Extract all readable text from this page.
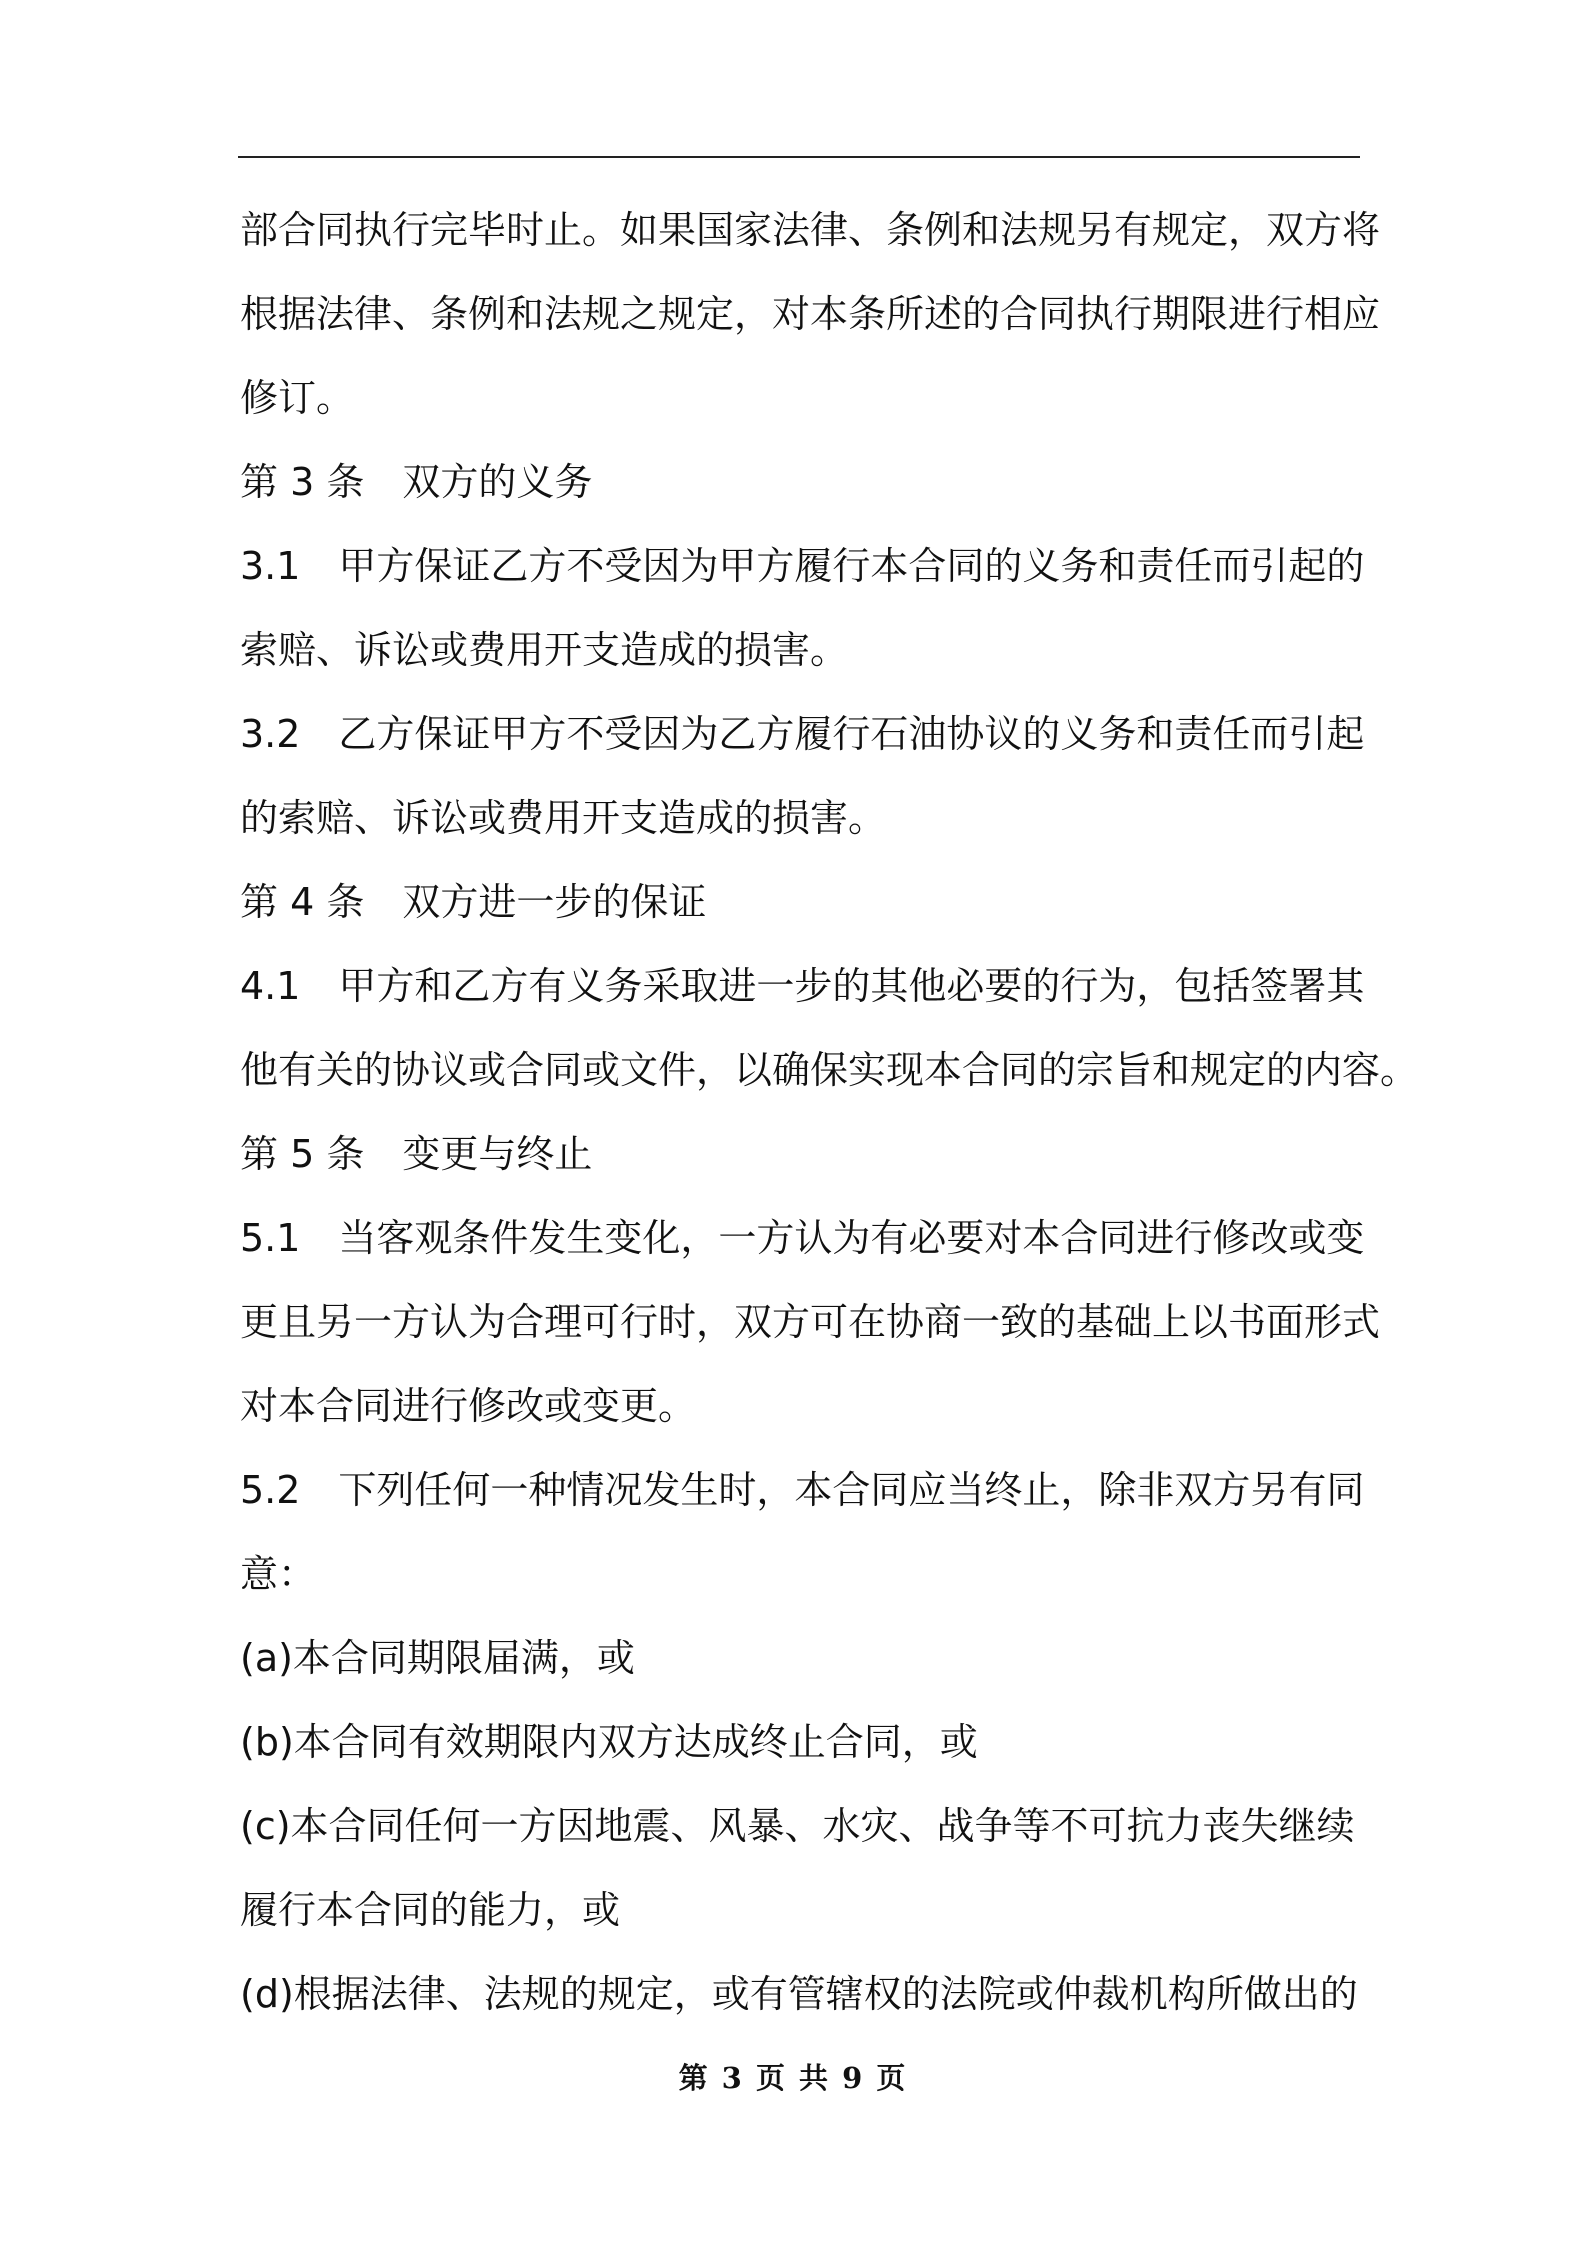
部合同执行完毕时止。如果国家法律、条例和法规另有规定，双方将
根据法律、条例和法规之规定，对本条所述的合同执行期限进行相应
修订。
第 3 条　双方的义务
3.1　甲方保证乙方不受因为甲方履行本合同的义务和责任而引起的
索赔、诉讼或费用开支造成的损害。
3.2　乙方保证甲方不受因为乙方履行石油协议的义务和责任而引起
的索赔、诉讼或费用开支造成的损害。
第 4 条　双方进一步的保证
4.1　甲方和乙方有义务采取进一步的其他必要的行为，包括签署其
他有关的协议或合同或文件，以确保实现本合同的宗旨和规定的内容。
第 5 条　变更与终止
5.1　当客观条件发生变化，一方认为有必要对本合同进行修改或变
更且另一方认为合理可行时，双方可在协商一致的基础上以书面形式
对本合同进行修改或变更。
5.2　下列任何一种情况发生时，本合同应当终止，除非双方另有同
意：
(a)本合同期限届满，或
(b)本合同有效期限内双方达成终止合同，或
(c)本合同任何一方因地震、风暴、水灾、战争等不可抗力丧失继续
履行本合同的能力，或
(d)根据法律、法规的规定，或有管辖权的法院或仲裁机构所做出的
第 3 页 共 9 页
